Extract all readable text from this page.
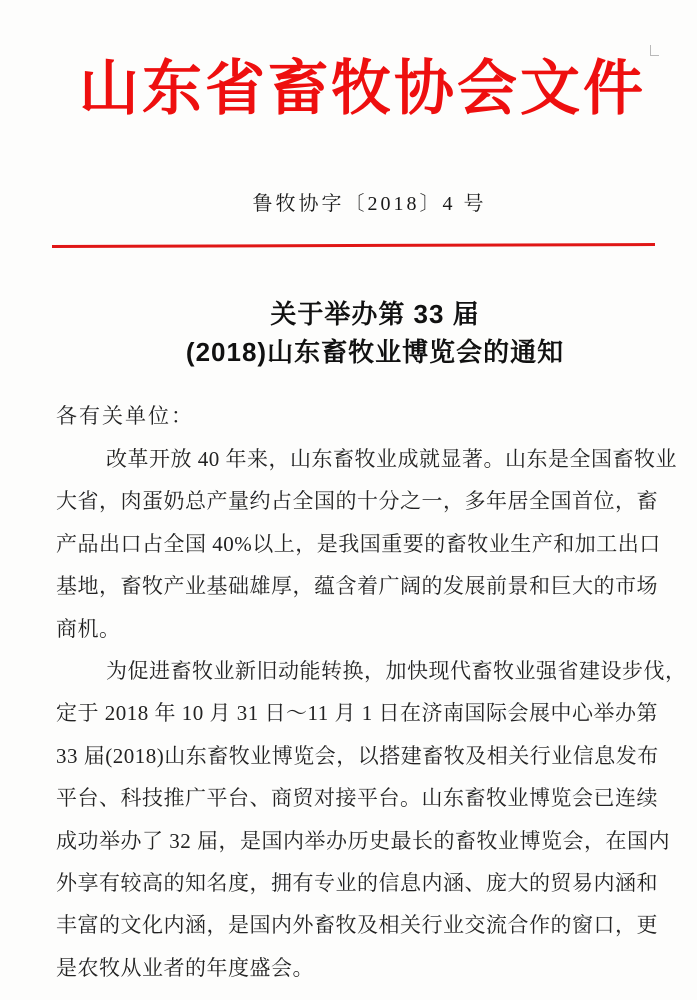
山东省畜牧协会文件
鲁牧协字〔2018〕4 号
关于举办第 33 届
(2018)山东畜牧业博览会的通知
各有关单位：
改革开放 40 年来，山东畜牧业成就显著。山东是全国畜牧业
大省，肉蛋奶总产量约占全国的十分之一，多年居全国首位，畜
产品出口占全国 40%以上，是我国重要的畜牧业生产和加工出口
基地，畜牧产业基础雄厚，蕴含着广阔的发展前景和巨大的市场
商机。
为促进畜牧业新旧动能转换，加快现代畜牧业强省建设步伐，
定于 2018 年 10 月 31 日～11 月 1 日在济南国际会展中心举办第
33 届(2018)山东畜牧业博览会，以搭建畜牧及相关行业信息发布
平台、科技推广平台、商贸对接平台。山东畜牧业博览会已连续
成功举办了 32 届，是国内举办历史最长的畜牧业博览会，在国内
外享有较高的知名度，拥有专业的信息内涵、庞大的贸易内涵和
丰富的文化内涵，是国内外畜牧及相关行业交流合作的窗口，更
是农牧从业者的年度盛会。
